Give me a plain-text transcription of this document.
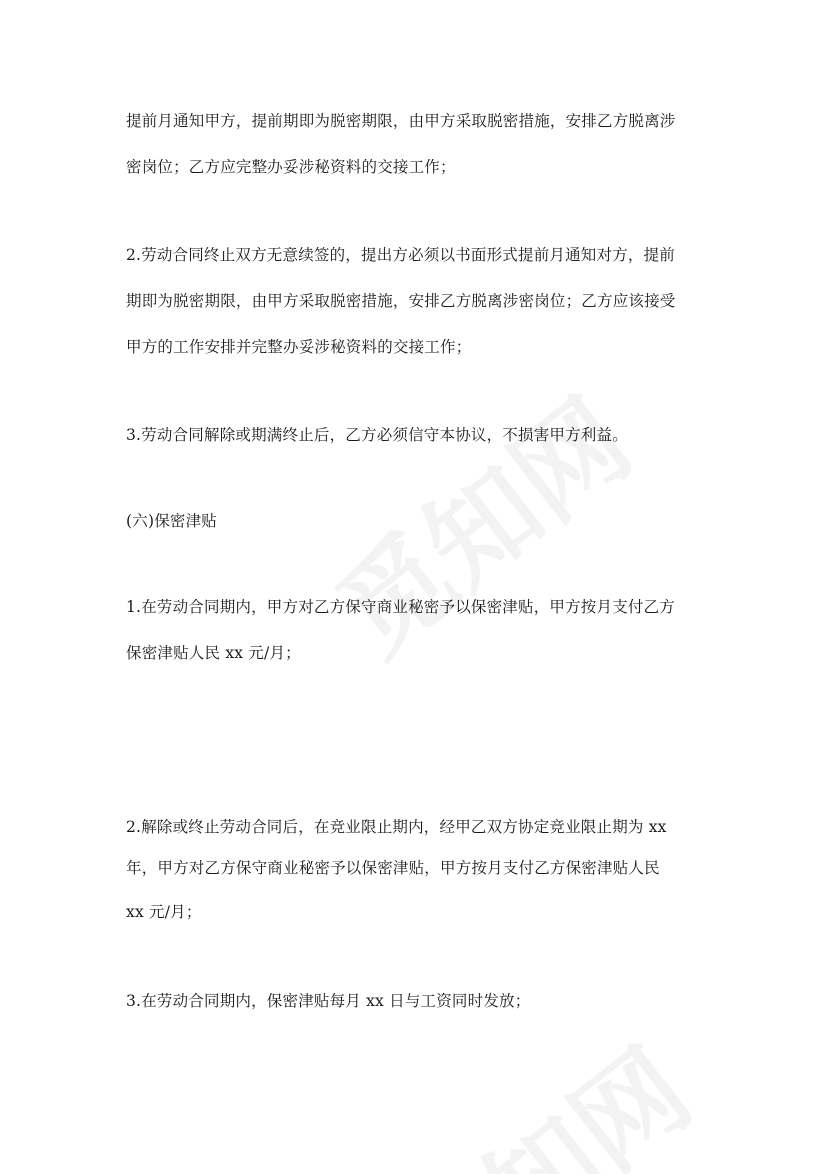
提前月通知甲方，提前期即为脱密期限，由甲方采取脱密措施，安排乙方脱离涉

密岗位；乙方应完整办妥涉秘资料的交接工作；

2.劳动合同终止双方无意续签的，提出方必须以书面形式提前月通知对方，提前

期即为脱密期限，由甲方采取脱密措施，安排乙方脱离涉密岗位；乙方应该接受

甲方的工作安排并完整办妥涉秘资料的交接工作；

3.劳动合同解除或期满终止后，乙方必须信守本协议，不损害甲方利益。

(六)保密津贴

1.在劳动合同期内，甲方对乙方保守商业秘密予以保密津贴，甲方按月支付乙方

保密津贴人民 xx 元/月；

2.解除或终止劳动合同后，在竞业限止期内，经甲乙双方协定竞业限止期为 xx

年，甲方对乙方保守商业秘密予以保密津贴，甲方按月支付乙方保密津贴人民

xx 元/月；

3.在劳动合同期内，保密津贴每月 xx 日与工资同时发放；
